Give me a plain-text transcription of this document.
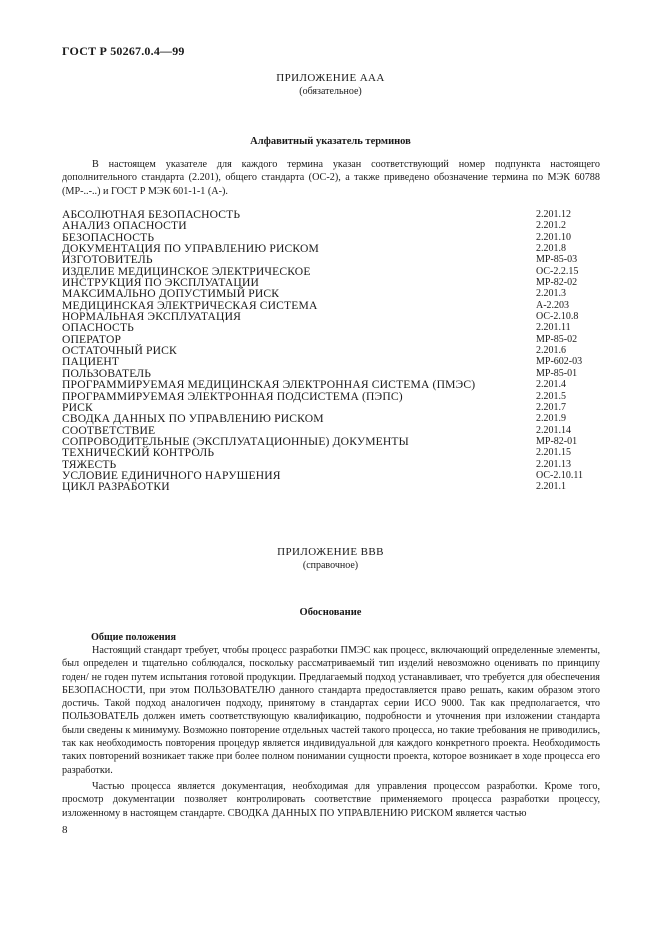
ГОСТ Р 50267.0.4—99
ПРИЛОЖЕНИЕ ААА
(обязательное)
Алфавитный указатель терминов

В настоящем указателе для каждого термина указан соответствующий номер подпункта настоящего дополнительного стандарта (2.201), общего стандарта (ОС-2), а также приведено обозначение термина по МЭК 60788 (МР-..-..) и ГОСТ Р МЭК 601-1-1 (А-).

АБСОЛЮТНАЯ БЕЗОПАСНОСТЬ	2.201.12
АНАЛИЗ ОПАСНОСТИ	2.201.2
БЕЗОПАСНОСТЬ	2.201.10
ДОКУМЕНТАЦИЯ ПО УПРАВЛЕНИЮ РИСКОМ	2.201.8
ИЗГОТОВИТЕЛЬ	МР-85-03
ИЗДЕЛИЕ МЕДИЦИНСКОЕ ЭЛЕКТРИЧЕСКОЕ	ОС-2.2.15
ИНСТРУКЦИЯ ПО ЭКСПЛУАТАЦИИ	МР-82-02
МАКСИМАЛЬНО ДОПУСТИМЫЙ РИСК	2.201.3
МЕДИЦИНСКАЯ ЭЛЕКТРИЧЕСКАЯ СИСТЕМА	А-2.203
НОРМАЛЬНАЯ ЭКСПЛУАТАЦИЯ	ОС-2.10.8
ОПАСНОСТЬ	2.201.11
ОПЕРАТОР	МР-85-02
ОСТАТОЧНЫЙ РИСК	2.201.6
ПАЦИЕНТ	МР-602-03
ПОЛЬЗОВАТЕЛЬ	МР-85-01
ПРОГРАММИРУЕМАЯ МЕДИЦИНСКАЯ ЭЛЕКТРОННАЯ СИСТЕМА (ПМЭС)	2.201.4
ПРОГРАММИРУЕМАЯ ЭЛЕКТРОННАЯ ПОДСИСТЕМА (ПЭПС)	2.201.5
РИСК	2.201.7
СВОДКА ДАННЫХ ПО УПРАВЛЕНИЮ РИСКОМ	2.201.9
СООТВЕТСТВИЕ	2.201.14
СОПРОВОДИТЕЛЬНЫЕ (ЭКСПЛУАТАЦИОННЫЕ) ДОКУМЕНТЫ	МР-82-01
ТЕХНИЧЕСКИЙ КОНТРОЛЬ	2.201.15
ТЯЖЕСТЬ	2.201.13
УСЛОВИЕ ЕДИНИЧНОГО НАРУШЕНИЯ	ОС-2.10.11
ЦИКЛ РАЗРАБОТКИ	2.201.1
ПРИЛОЖЕНИЕ ВВВ
(справочное)
Обоснование
Общие положения

Настоящий стандарт требует, чтобы процесс разработки ПМЭС как процесс, включающий определенные элементы, был определен и тщательно соблюдался, поскольку рассматриваемый тип изделий невозможно оценивать по принципу годен/ не годен путем испытания готовой продукции. Предлагаемый подход устанавливает, что требуется для обеспечения БЕЗОПАСНОСТИ, при этом ПОЛЬЗОВАТЕЛЮ данного стандарта предоставляется право решать, каким образом этого достичь. Такой подход аналогичен подходу, принятому в стандартах серии ИСО 9000. Так как предполагается, что ПОЛЬЗОВАТЕЛЬ должен иметь соответствующую квалификацию, подробности и уточнения при изложении стандарта были сведены к минимуму. Возможно повторение отдельных частей такого процесса, но такие требования не приводились, так как необходимость повторения процедур является индивидуальной для каждого конкретного проекта. Необходимость таких повторений возникает также при более полном понимании сущности проекта, которое возникает в ходе процесса его разработки.

Частью процесса является документация, необходимая для управления процессом разработки. Кроме того, просмотр документации позволяет контролировать соответствие применяемого процесса разработки процессу, изложенному в настоящем стандарте. СВОДКА ДАННЫХ ПО УПРАВЛЕНИЮ РИСКОМ является частью

8
